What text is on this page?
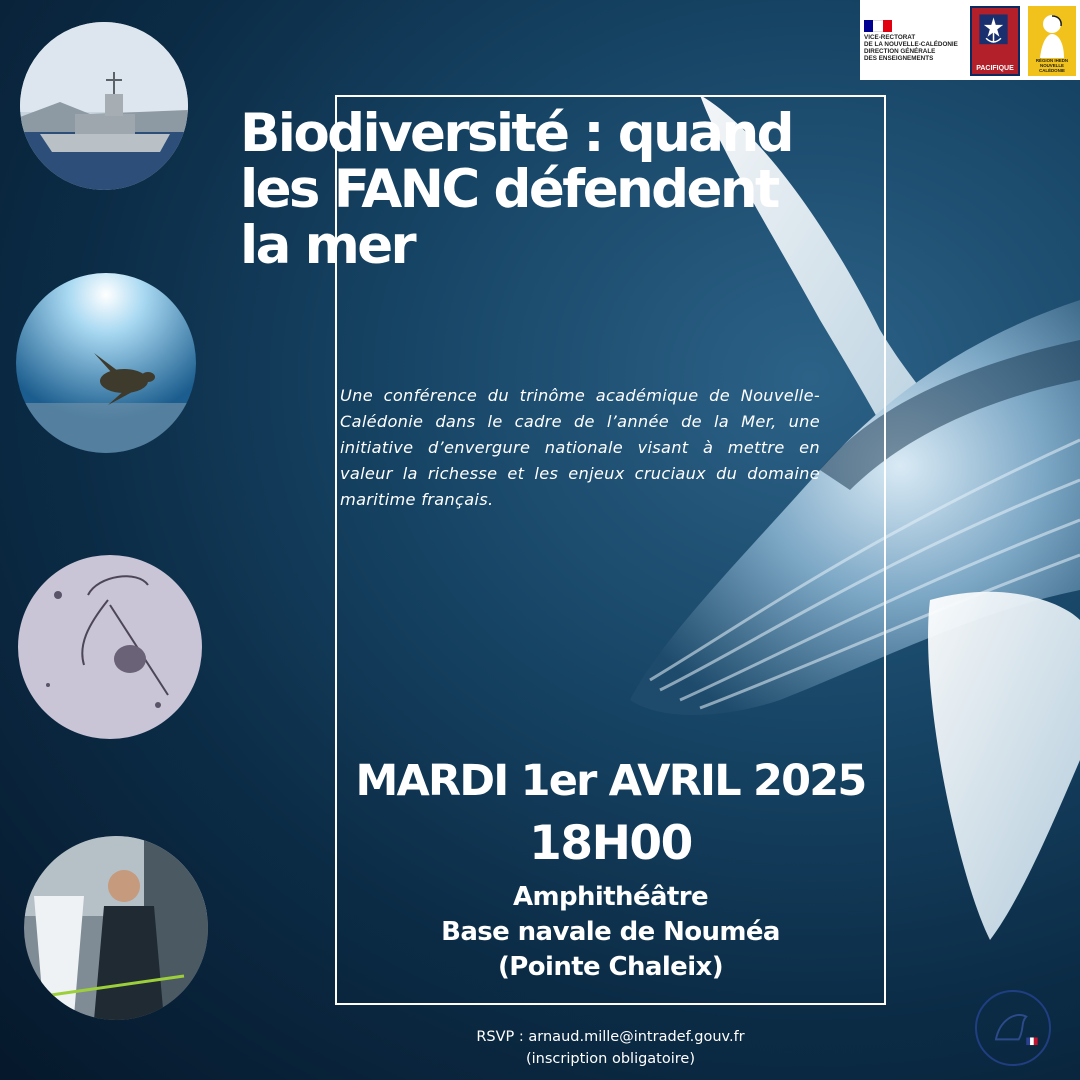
VICE-RECTORAT
DE LA NOUVELLE-CALÉDONIE
DIRECTION GÉNÉRALE
DES ENSEIGNEMENTS
PACIFIQUE
RÉGION IHEDN
NOUVELLE CALÉDONIE
Biodiversité : quand les FANC défendent la mer

Une conférence du trinôme académique de Nouvelle-Calédonie dans le cadre de l’année de la Mer, une initiative d’envergure nationale visant à mettre en valeur la richesse et les enjeux cruciaux du domaine maritime français.

MARDI 1er AVRIL 2025
18H00
Amphithéâtre
Base navale de Nouméa
(Pointe Chaleix)
RSVP : arnaud.mille@intradef.gouv.fr
(inscription obligatoire)
